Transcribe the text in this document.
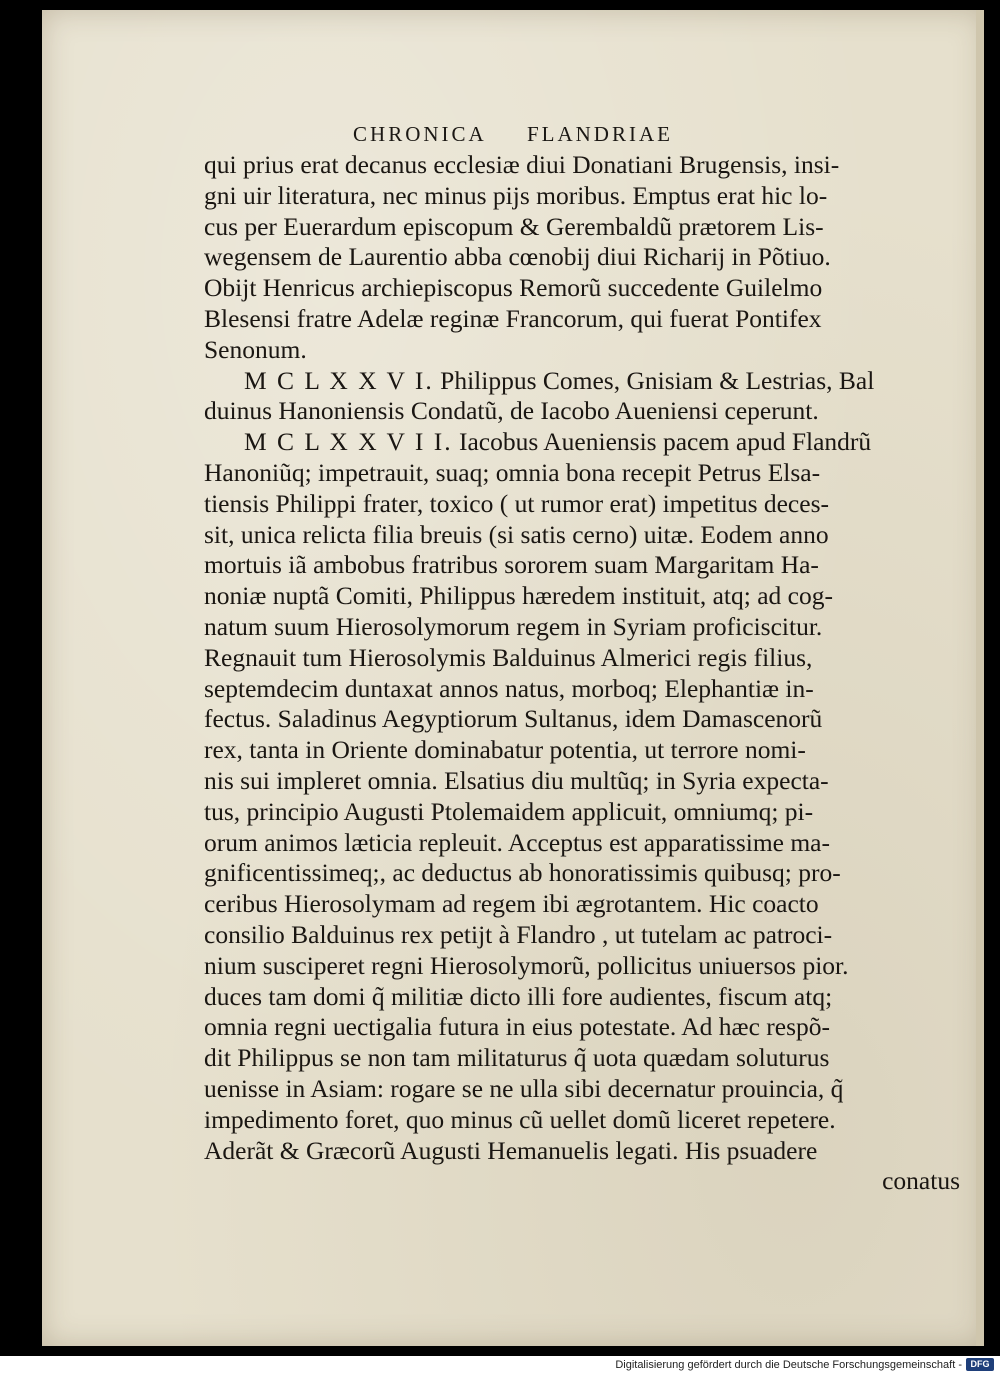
CHRONICA FLANDRIAE
qui prius erat decanus ecclesiæ diui Donatiani Brugensis, insi-
gni uir literatura, nec minus pijs moribus. Emptus erat hic lo-
cus per Euerardum episcopum & Gerembaldũ prætorem Lis-
wegensem de Laurentio abba cœnobij diui Richarij in Põtiuo.
Obijt Henricus archiepiscopus Remorũ succedente Guilelmo
Blesensi fratre Adelæ reginæ Francorum, qui fuerat Pontifex
Senonum.
M C L X X V I. Philippus Comes, Gnisiam & Lestrias, Bal
duinus Hanoniensis Condatũ, de Iacobo Aueniensi ceperunt.
M C L X X V I I. Iacobus Aueniensis pacem apud Flandrũ
Hanoniũq; impetrauit, suaq; omnia bona recepit Petrus Elsa-
tiensis Philippi frater, toxico ( ut rumor erat) impetitus deces-
sit, unica relicta filia breuis (si satis cerno) uitæ. Eodem anno
mortuis iã ambobus fratribus sororem suam Margaritam Ha-
noniæ nuptã Comiti, Philippus hæredem instituit, atq; ad cog-
natum suum Hierosolymorum regem in Syriam proficiscitur.
Regnauit tum Hierosolymis Balduinus Almerici regis filius,
septemdecim duntaxat annos natus, morboq; Elephantiæ in-
fectus. Saladinus Aegyptiorum Sultanus, idem Damascenorũ
rex, tanta in Oriente dominabatur potentia, ut terrore nomi-
nis sui impleret omnia. Elsatius diu multũq; in Syria expecta-
tus, principio Augusti Ptolemaidem applicuit, omniumq; pi-
orum animos læticia repleuit. Acceptus est apparatissime ma-
gnificentissimeq;, ac deductus ab honoratissimis quibusq; pro-
ceribus Hierosolymam ad regem ibi ægrotantem. Hic coacto
consilio Balduinus rex petijt à Flandro , ut tutelam ac patroci-
nium susciperet regni Hierosolymorũ, pollicitus uniuersos pior.
duces tam domi q̃ militiæ dicto illi fore audientes, fiscum atq;
omnia regni uectigalia futura in eius potestate. Ad hæc respõ-
dit Philippus se non tam militaturus q̃ uota quædam soluturus
uenisse in Asiam: rogare se ne ulla sibi decernatur prouincia, q̃
impedimento foret, quo minus cũ uellet domũ liceret repetere.
Aderãt & Græcorũ Augusti Hemanuelis legati. His psuadere
conatus
Digitalisierung gefördert durch die Deutsche Forschungsgemeinschaft - DFG
